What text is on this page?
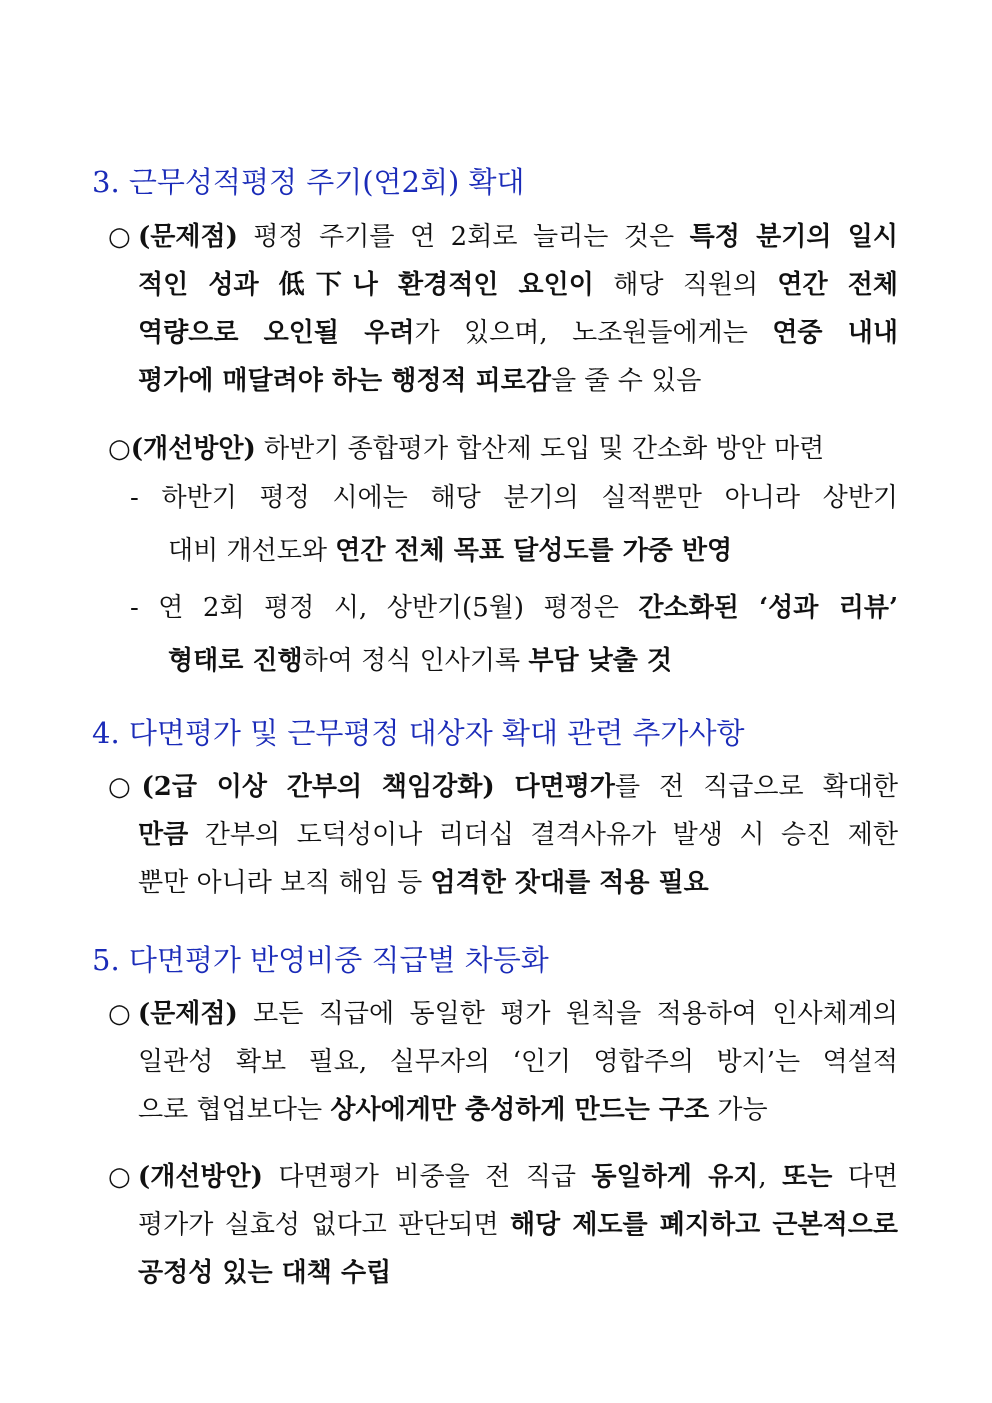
3. 근무성적평정 주기(연2회) 확대
○(문제점) 평정 주기를 연 2회로 늘리는 것은 특정 분기의 일시
적인 성과 低下나 환경적인 요인이 해당 직원의 연간 전체
역량으로 오인될 우려가 있으며, 노조원들에게는 연중 내내
평가에 매달려야 하는 행정적 피로감을 줄 수 있음
○(개선방안) 하반기 종합평가 합산제 도입 및 간소화 방안 마련
- 하반기 평정 시에는 해당 분기의 실적뿐만 아니라 상반기
대비 개선도와 연간 전체 목표 달성도를 가중 반영
- 연 2회 평정 시, 상반기(5월) 평정은 간소화된 ‘성과 리뷰’
형태로 진행하여 정식 인사기록 부담 낮출 것
4. 다면평가 및 근무평정 대상자 확대 관련 추가사항
○(2급 이상 간부의 책임강화) 다면평가를 전 직급으로 확대한
만큼 간부의 도덕성이나 리더십 결격사유가 발생 시 승진 제한
뿐만 아니라 보직 해임 등 엄격한 잣대를 적용 필요
5. 다면평가 반영비중 직급별 차등화
○(문제점) 모든 직급에 동일한 평가 원칙을 적용하여 인사체계의
일관성 확보 필요, 실무자의 ‘인기 영합주의 방지’는 역설적
으로 협업보다는 상사에게만 충성하게 만드는 구조 가능
○(개선방안) 다면평가 비중을 전 직급 동일하게 유지, 또는 다면
평가가 실효성 없다고 판단되면 해당 제도를 폐지하고 근본적으로
공정성 있는 대책 수립
